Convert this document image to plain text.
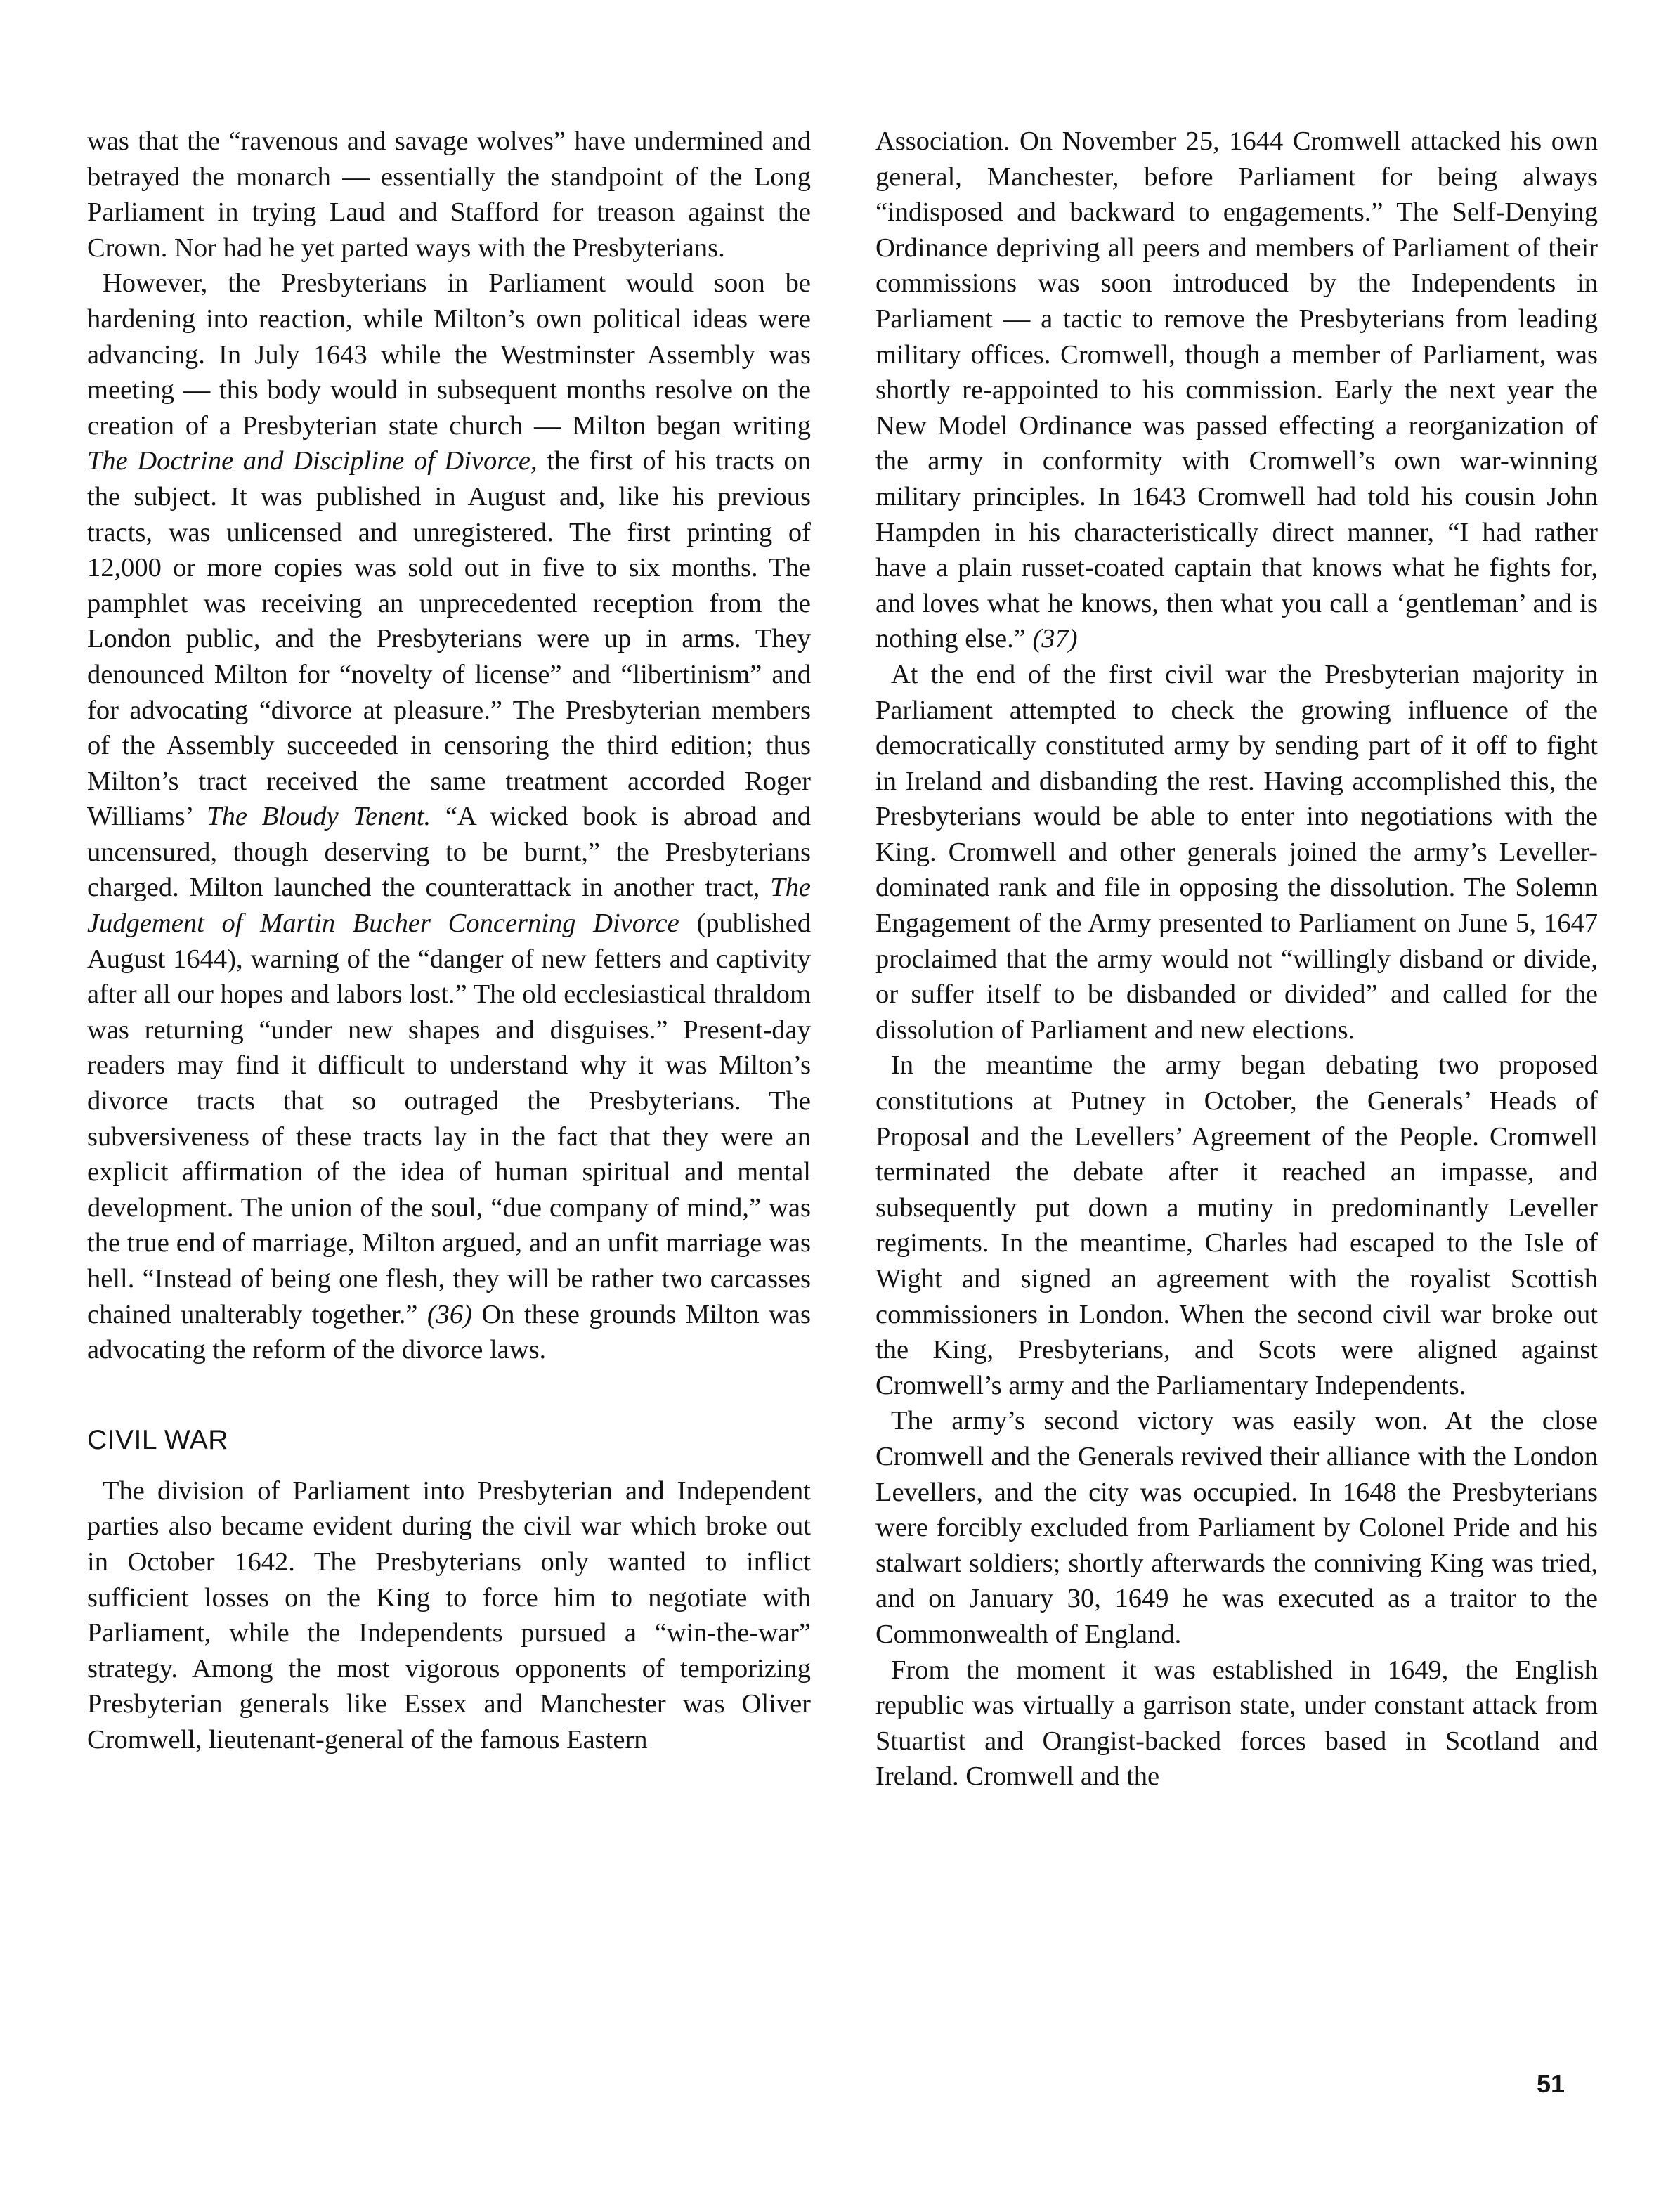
was that the “ravenous and savage wolves” have undermined and betrayed the monarch — essentially the standpoint of the Long Parliament in trying Laud and Stafford for treason against the Crown. Nor had he yet parted ways with the Presbyterians.

However, the Presbyterians in Parliament would soon be hardening into reaction, while Milton’s own political ideas were advancing. In July 1643 while the Westminster Assembly was meeting — this body would in subsequent months resolve on the creation of a Presbyterian state church — Milton began writing The Doctrine and Discipline of Divorce, the first of his tracts on the subject. It was published in August and, like his previous tracts, was unlicensed and unregistered. The first printing of 12,000 or more copies was sold out in five to six months. The pamphlet was receiving an unprecedented reception from the London public, and the Presbyterians were up in arms. They denounced Milton for “novelty of license” and “libertinism” and for advocating “divorce at pleasure.” The Presbyterian members of the Assembly succeeded in censoring the third edition; thus Milton’s tract received the same treatment accorded Roger Williams’ The Bloudy Tenent. “A wicked book is abroad and uncensured, though deserving to be burnt,” the Presbyterians charged. Milton launched the counterattack in another tract, The Judgement of Martin Bucher Concerning Divorce (published August 1644), warning of the “danger of new fetters and captivity after all our hopes and labors lost.” The old ecclesiastical thraldom was returning “under new shapes and disguises.” Present-day readers may find it difficult to understand why it was Milton’s divorce tracts that so outraged the Presbyterians. The subversiveness of these tracts lay in the fact that they were an explicit affirmation of the idea of human spiritual and mental development. The union of the soul, “due company of mind,” was the true end of marriage, Milton argued, and an unfit marriage was hell. “Instead of being one flesh, they will be rather two carcasses chained unalterably together.” (36) On these grounds Milton was advocating the reform of the divorce laws.

CIVIL WAR

The division of Parliament into Presbyterian and Independent parties also became evident during the civil war which broke out in October 1642. The Presbyterians only wanted to inflict sufficient losses on the King to force him to negotiate with Parliament, while the Independents pursued a “win-the-war” strategy. Among the most vigorous opponents of temporizing Presbyterian generals like Essex and Manchester was Oliver Cromwell, lieutenant-general of the famous Eastern

Association. On November 25, 1644 Cromwell attacked his own general, Manchester, before Parliament for being always “indisposed and backward to engagements.” The Self-Denying Ordinance depriving all peers and members of Parliament of their commissions was soon introduced by the Independents in Parliament — a tactic to remove the Presbyterians from leading military offices. Cromwell, though a member of Parliament, was shortly re-appointed to his commission. Early the next year the New Model Ordinance was passed effecting a reorganization of the army in conformity with Cromwell’s own war-winning military principles. In 1643 Cromwell had told his cousin John Hampden in his characteristically direct manner, “I had rather have a plain russet-coated captain that knows what he fights for, and loves what he knows, then what you call a ‘gentleman’ and is nothing else.” (37)

At the end of the first civil war the Presbyterian majority in Parliament attempted to check the growing influence of the democratically constituted army by sending part of it off to fight in Ireland and disbanding the rest. Having accomplished this, the Presbyterians would be able to enter into negotiations with the King. Cromwell and other generals joined the army’s Leveller-dominated rank and file in opposing the dissolution. The Solemn Engagement of the Army presented to Parliament on June 5, 1647 proclaimed that the army would not “willingly disband or divide, or suffer itself to be disbanded or divided” and called for the dissolution of Parliament and new elections.

In the meantime the army began debating two proposed constitutions at Putney in October, the Generals’ Heads of Proposal and the Levellers’ Agreement of the People. Cromwell terminated the debate after it reached an impasse, and subsequently put down a mutiny in predominantly Leveller regiments. In the meantime, Charles had escaped to the Isle of Wight and signed an agreement with the royalist Scottish commissioners in London. When the second civil war broke out the King, Presbyterians, and Scots were aligned against Cromwell’s army and the Parliamentary Independents.

The army’s second victory was easily won. At the close Cromwell and the Generals revived their alliance with the London Levellers, and the city was occupied. In 1648 the Presbyterians were forcibly excluded from Parliament by Colonel Pride and his stalwart soldiers; shortly afterwards the conniving King was tried, and on January 30, 1649 he was executed as a traitor to the Commonwealth of England.

From the moment it was established in 1649, the English republic was virtually a garrison state, under constant attack from Stuartist and Orangist-backed forces based in Scotland and Ireland. Cromwell and the

51
